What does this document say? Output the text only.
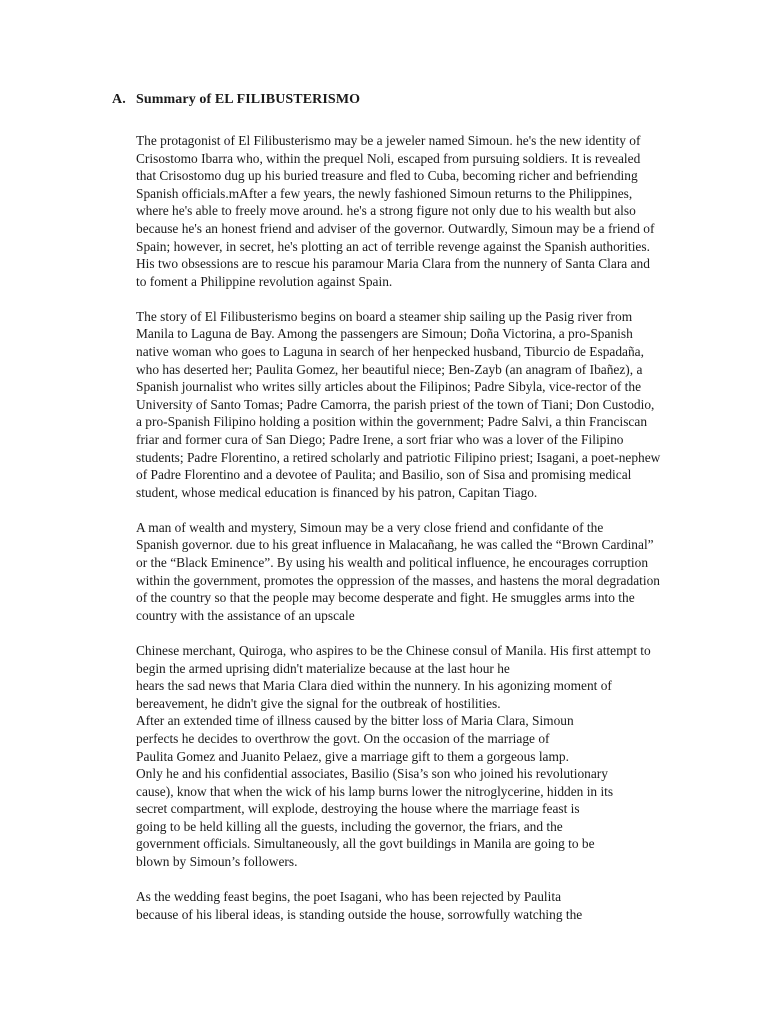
A. Summary of EL FILIBUSTERISMO
The protagonist of El Filibusterismo may be a jeweler named Simoun. he's the new identity of
Crisostomo Ibarra who, within the prequel Noli, escaped from pursuing soldiers. It is revealed
that Crisostomo dug up his buried treasure and fled to Cuba, becoming richer and befriending
Spanish officials.mAfter a few years, the newly fashioned Simoun returns to the Philippines,
where he's able to freely move around. he's a strong figure not only due to his wealth but also
because he's an honest friend and adviser of the governor. Outwardly, Simoun may be a friend of
Spain; however, in secret, he's plotting an act of terrible revenge against the Spanish authorities.
His two obsessions are to rescue his paramour Maria Clara from the nunnery of Santa Clara and
to foment a Philippine revolution against Spain.
The story of El Filibusterismo begins on board a steamer ship sailing up the Pasig river from
Manila to Laguna de Bay. Among the passengers are Simoun; Doña Victorina, a pro-Spanish
native woman who goes to Laguna in search of her henpecked husband, Tiburcio de Espadaña,
who has deserted her; Paulita Gomez, her beautiful niece; Ben-Zayb (an anagram of Ibañez), a
Spanish journalist who writes silly articles about the Filipinos; Padre Sibyla, vice-rector of the
University of Santo Tomas; Padre Camorra, the parish priest of the town of Tiani; Don Custodio,
a pro-Spanish Filipino holding a position within the government; Padre Salvi, a thin Franciscan
friar and former cura of San Diego; Padre Irene, a sort friar who was a lover of the Filipino
students; Padre Florentino, a retired scholarly and patriotic Filipino priest; Isagani, a poet-nephew
of Padre Florentino and a devotee of Paulita; and Basilio, son of Sisa and promising medical
student, whose medical education is financed by his patron, Capitan Tiago.
A man of wealth and mystery, Simoun may be a very close friend and confidante of the
Spanish governor. due to his great influence in Malacañang, he was called the “Brown Cardinal”
or the “Black Eminence”. By using his wealth and political influence, he encourages corruption
within the government, promotes the oppression of the masses, and hastens the moral degradation
of the country so that the people may become desperate and fight. He smuggles arms into the
country with the assistance of an upscale
Chinese merchant, Quiroga, who aspires to be the Chinese consul of Manila. His first attempt to
begin the armed uprising didn't materialize because at the last hour he
hears the sad news that Maria Clara died within the nunnery. In his agonizing moment of
bereavement, he didn't give the signal for the outbreak of hostilities.
After an extended time of illness caused by the bitter loss of Maria Clara, Simoun
perfects he decides to overthrow the govt. On the occasion of the marriage of
Paulita Gomez and Juanito Pelaez, give a marriage gift to them a gorgeous lamp.
Only he and his confidential associates, Basilio (Sisa’s son who joined his revolutionary
cause), know that when the wick of his lamp burns lower the nitroglycerine, hidden in its
secret compartment, will explode, destroying the house where the marriage feast is
going to be held killing all the guests, including the governor, the friars, and the
government officials. Simultaneously, all the govt buildings in Manila are going to be
blown by Simoun’s followers.
As the wedding feast begins, the poet Isagani, who has been rejected by Paulita
because of his liberal ideas, is standing outside the house, sorrowfully watching the
